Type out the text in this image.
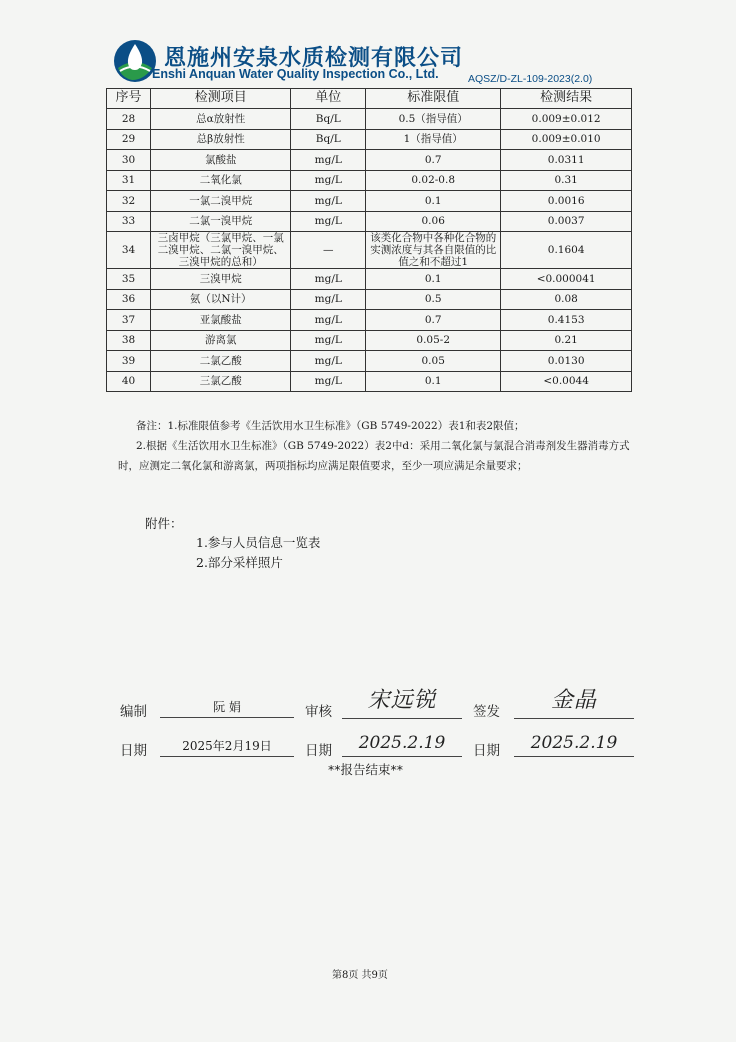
恩施州安泉水质检测有限公司
Enshi Anquan Water Quality Inspection Co., Ltd.	AQSZ/D-ZL-109-2023(2.0)
序号	检测项目	单位	标准限值	检测结果
28	总α放射性	Bq/L	0.5（指导值）	0.009±0.012
29	总β放射性	Bq/L	1（指导值）	0.009±0.010
30	氯酸盐	mg/L	0.7	0.0311
31	二氧化氯	mg/L	0.02-0.8	0.31
32	一氯二溴甲烷	mg/L	0.1	0.0016
33	二氯一溴甲烷	mg/L	0.06	0.0037
34	三卤甲烷（三氯甲烷、一氯二溴甲烷、二氯一溴甲烷、三溴甲烷的总和）	—	该类化合物中各种化合物的实测浓度与其各自限值的比值之和不超过1	0.1604
35	三溴甲烷	mg/L	0.1	<0.000041
36	氨（以N计）	mg/L	0.5	0.08
37	亚氯酸盐	mg/L	0.7	0.4153
38	游离氯	mg/L	0.05-2	0.21
39	二氯乙酸	mg/L	0.05	0.0130
40	三氯乙酸	mg/L	0.1	<0.0044

备注：1.标准限值参考《生活饮用水卫生标准》（GB 5749-2022）表1和表2限值；

2.根据《生活饮用水卫生标准》（GB 5749-2022）表2中d：采用二氧化氯与氯混合消毒剂发生器消毒方式时，应测定二氧化氯和游离氯，两项指标均应满足限值要求，至少一项应满足余量要求；

附件：
1.参与人员信息一览表
2.部分采样照片
编制	阮 娟	审核	宋远锐	签发	金晶
日期	2025年2月19日	日期	2025.2.19	日期	2025.2.19
**报告结束**
第8页 共9页
